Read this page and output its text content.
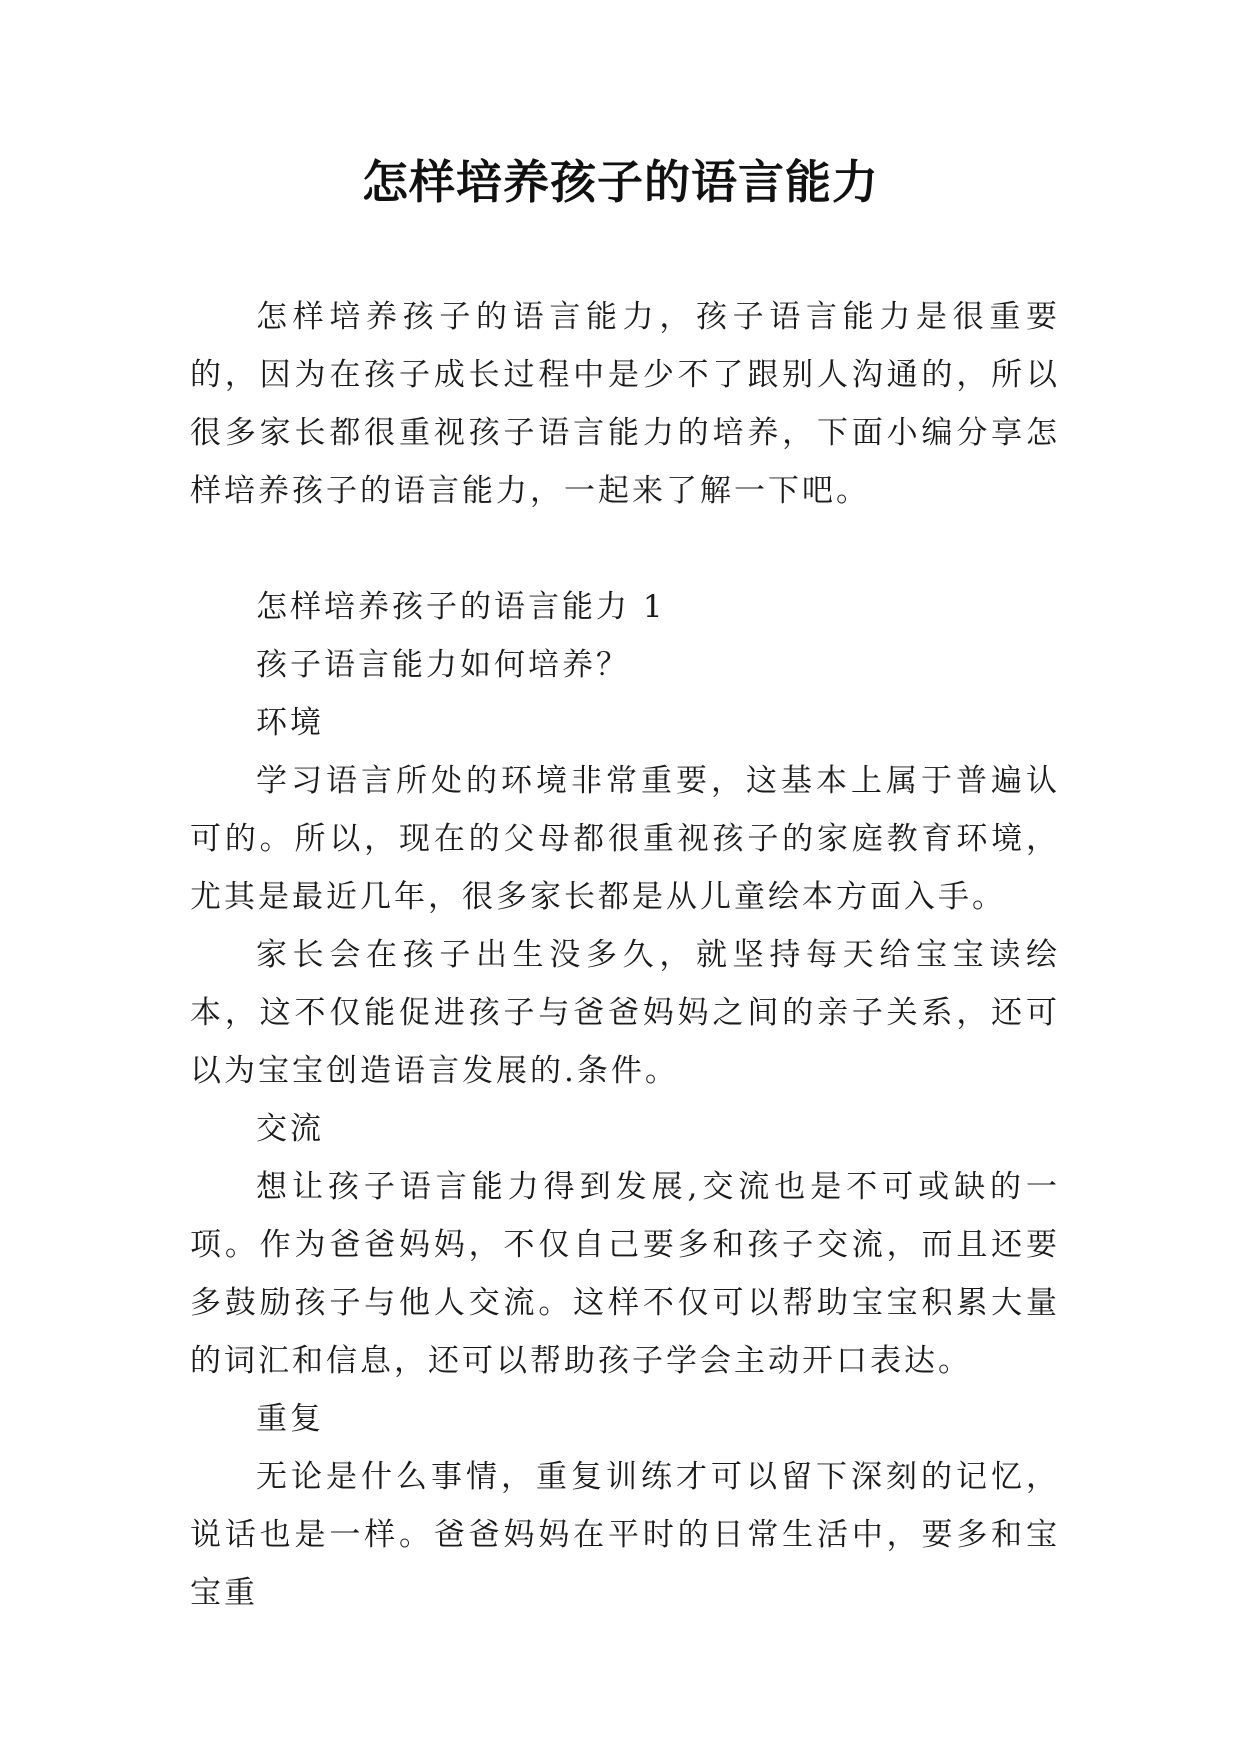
怎样培养孩子的语言能力

怎样培养孩子的语言能力，孩子语言能力是很重要的，因为在孩子成长过程中是少不了跟别人沟通的，所以很多家长都很重视孩子语言能力的培养，下面小编分享怎样培养孩子的语言能力，一起来了解一下吧。

怎样培养孩子的语言能力 1

孩子语言能力如何培养？

环境

学习语言所处的环境非常重要，这基本上属于普遍认可的。所以，现在的父母都很重视孩子的家庭教育环境，尤其是最近几年，很多家长都是从儿童绘本方面入手。

家长会在孩子出生没多久，就坚持每天给宝宝读绘本，这不仅能促进孩子与爸爸妈妈之间的亲子关系，还可以为宝宝创造语言发展的.条件。

交流

想让孩子语言能力得到发展,交流也是不可或缺的一项。作为爸爸妈妈，不仅自己要多和孩子交流，而且还要多鼓励孩子与他人交流。这样不仅可以帮助宝宝积累大量的词汇和信息，还可以帮助孩子学会主动开口表达。

重复

无论是什么事情，重复训练才可以留下深刻的记忆，说话也是一样。爸爸妈妈在平时的日常生活中，要多和宝宝重
